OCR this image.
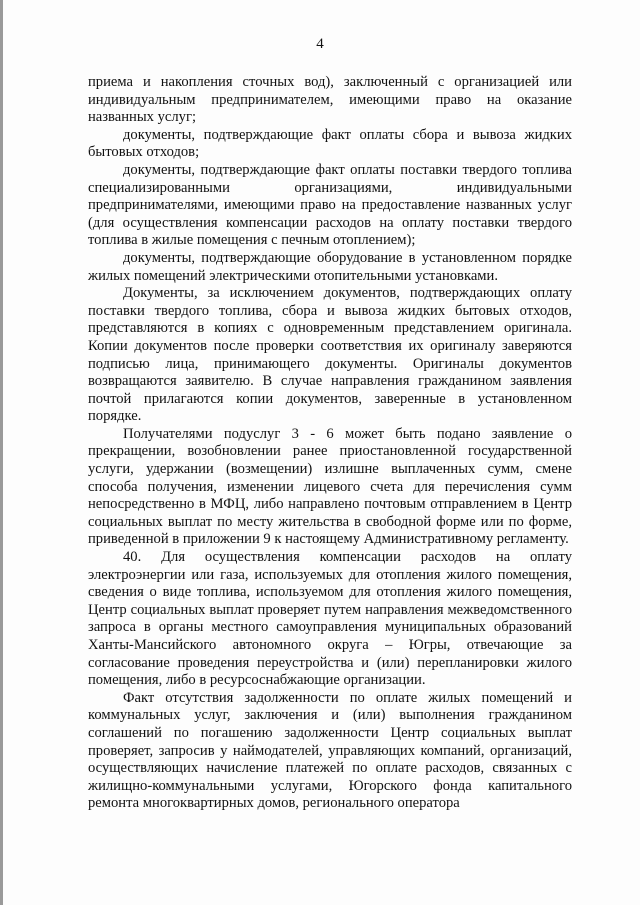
4

приема и накопления сточных вод), заключенный с организацией или индивидуальным предпринимателем, имеющими право на оказание названных услуг;

документы, подтверждающие факт оплаты сбора и вывоза жидких бытовых отходов;

документы, подтверждающие факт оплаты поставки твердого топлива специализированными организациями, индивидуальными предпринимателями, имеющими право на предоставление названных услуг (для осуществления компенсации расходов на оплату поставки твердого топлива в жилые помещения с печным отоплением);

документы, подтверждающие оборудование в установленном порядке жилых помещений электрическими отопительными установками.

Документы, за исключением документов, подтверждающих оплату поставки твердого топлива, сбора и вывоза жидких бытовых отходов, представляются в копиях с одновременным представлением оригинала. Копии документов после проверки соответствия их оригиналу заверяются подписью лица, принимающего документы. Оригиналы документов возвращаются заявителю. В случае направления гражданином заявления почтой прилагаются копии документов, заверенные в установленном порядке.

Получателями подуслуг 3 - 6 может быть подано заявление о прекращении, возобновлении ранее приостановленной государственной услуги, удержании (возмещении) излишне выплаченных сумм, смене способа получения, изменении лицевого счета для перечисления сумм непосредственно в МФЦ, либо направлено почтовым отправлением в Центр социальных выплат по месту жительства в свободной форме или по форме, приведенной в приложении 9 к настоящему Административному регламенту.

40. Для осуществления компенсации расходов на оплату электроэнергии или газа, используемых для отопления жилого помещения, сведения о виде топлива, используемом для отопления жилого помещения, Центр социальных выплат проверяет путем направления межведомственного запроса в органы местного самоуправления муниципальных образований Ханты-Мансийского автономного округа – Югры, отвечающие за согласование проведения переустройства и (или) перепланировки жилого помещения, либо в ресурсоснабжающие организации.

Факт отсутствия задолженности по оплате жилых помещений и коммунальных услуг, заключения и (или) выполнения гражданином соглашений по погашению задолженности Центр социальных выплат проверяет, запросив у наймодателей, управляющих компаний, организаций, осуществляющих начисление платежей по оплате расходов, связанных с жилищно-коммунальными услугами, Югорского фонда капитального ремонта многоквартирных домов, регионального оператора
